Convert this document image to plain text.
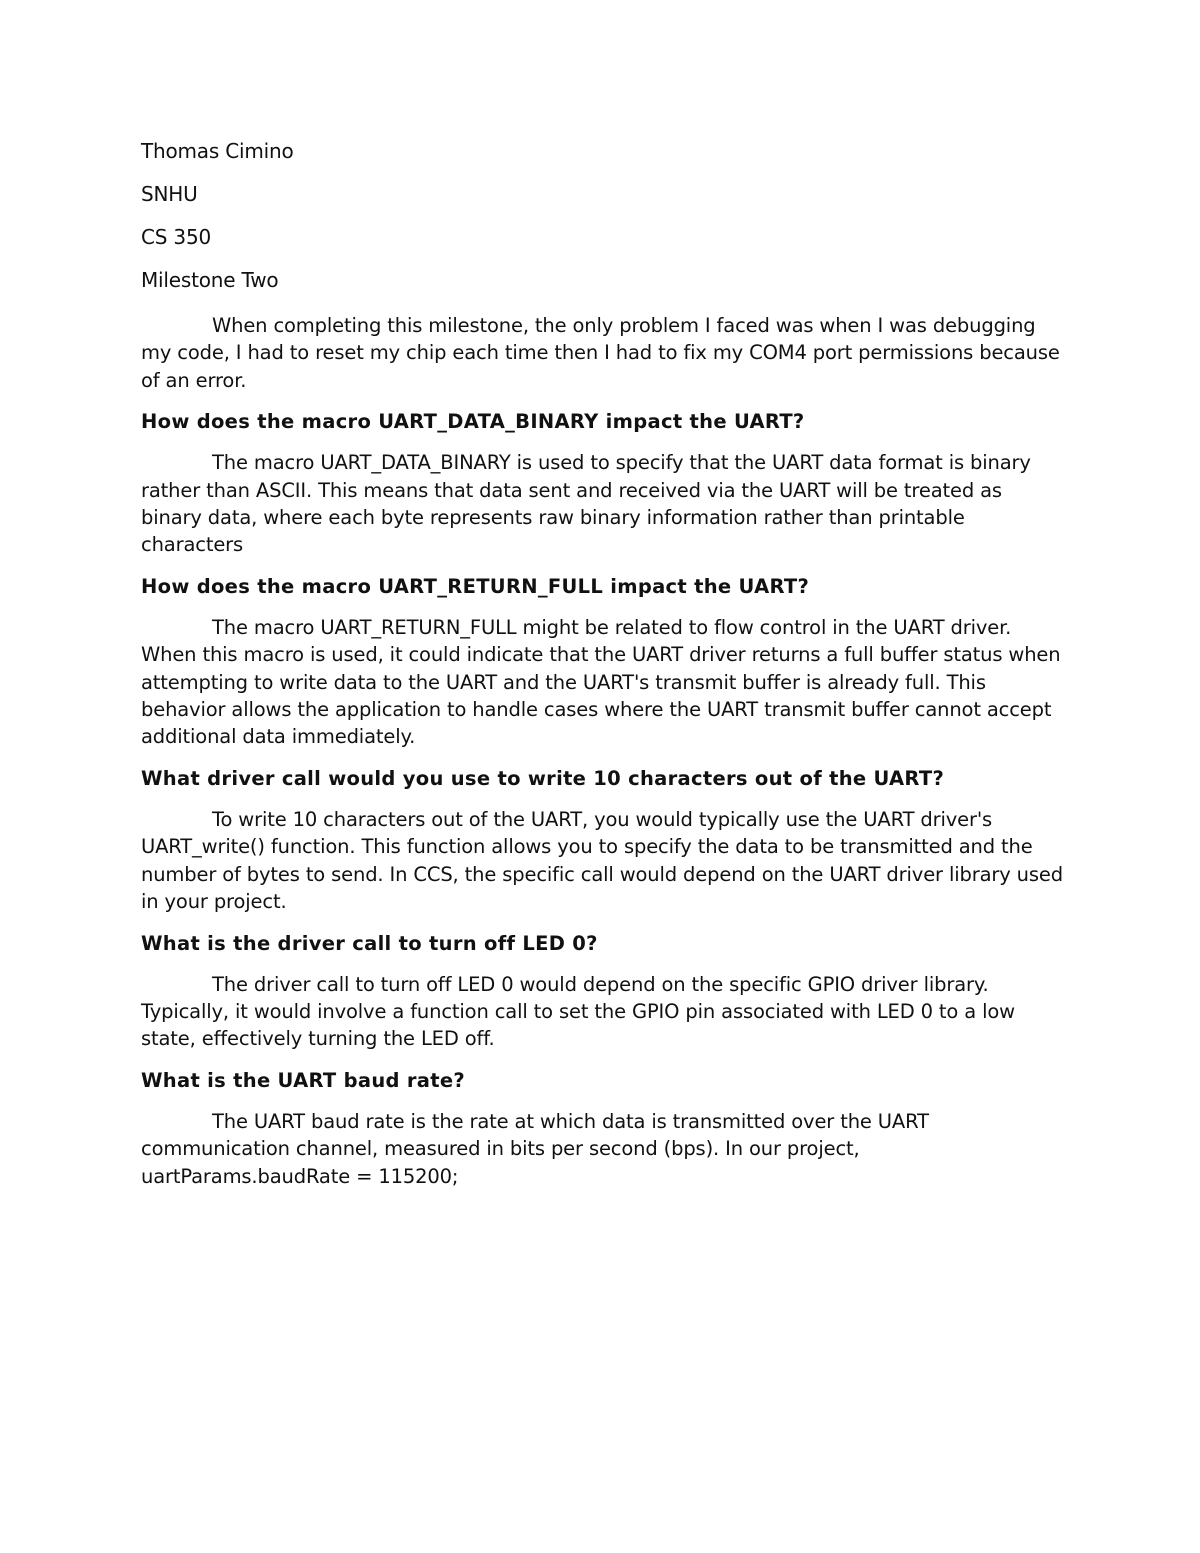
Thomas Cimino

SNHU

CS 350

Milestone Two

When completing this milestone, the only problem I faced was when I was debugging my code, I had to reset my chip each time then I had to fix my COM4 port permissions because of an error.

How does the macro UART_DATA_BINARY impact the UART?

The macro UART_DATA_BINARY is used to specify that the UART data format is binary rather than ASCII. This means that data sent and received via the UART will be treated as binary data, where each byte represents raw binary information rather than printable characters

How does the macro UART_RETURN_FULL impact the UART?

The macro UART_RETURN_FULL might be related to flow control in the UART driver. When this macro is used, it could indicate that the UART driver returns a full buffer status when attempting to write data to the UART and the UART's transmit buffer is already full. This behavior allows the application to handle cases where the UART transmit buffer cannot accept additional data immediately.

What driver call would you use to write 10 characters out of the UART?

To write 10 characters out of the UART, you would typically use the UART driver's UART_write() function. This function allows you to specify the data to be transmitted and the number of bytes to send. In CCS, the specific call would depend on the UART driver library used in your project.

What is the driver call to turn off LED 0?

The driver call to turn off LED 0 would depend on the specific GPIO driver library. Typically, it would involve a function call to set the GPIO pin associated with LED 0 to a low state, effectively turning the LED off.

What is the UART baud rate?

The UART baud rate is the rate at which data is transmitted over the UART communication channel, measured in bits per second (bps). In our project, uartParams.baudRate = 115200;
